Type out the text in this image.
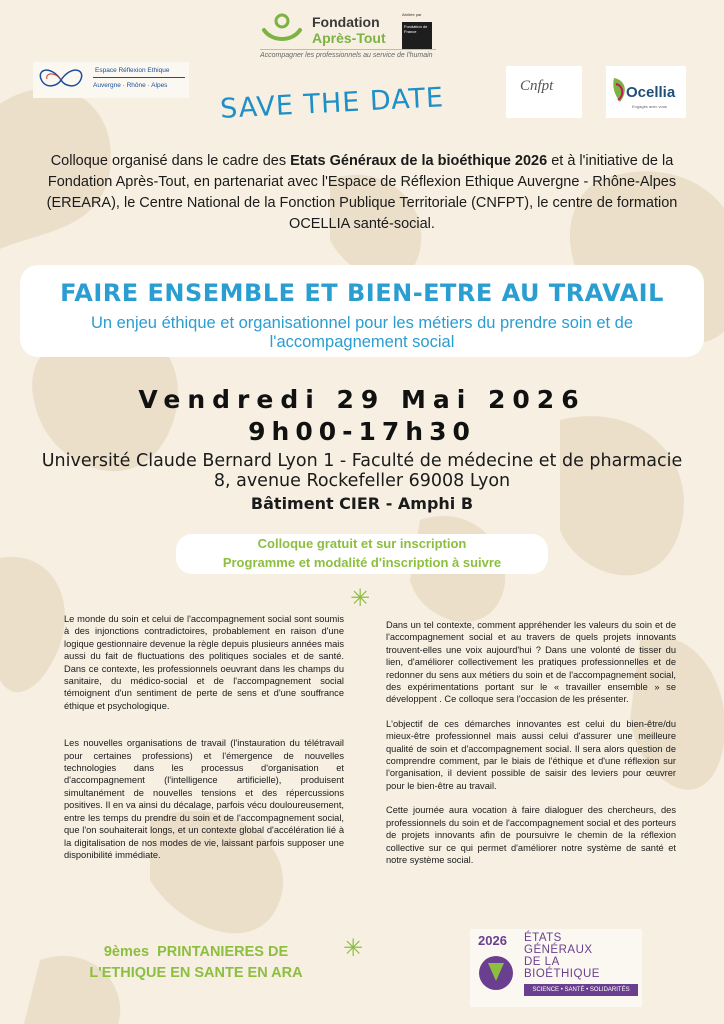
Fondation
Après-Tout
Abritée par
Fondation de France
Accompagner les professionnels au service de l'humain
Espace Réflexion Ethique
Auvergne · Rhône · Alpes	Cnfpt	Ocellia
Engagés avec vous
SAVE THE DATE
Colloque organisé dans le cadre des Etats Généraux de la bioéthique 2026 et à l'initiative de la Fondation Après-Tout, en partenariat avec l'Espace de Réflexion Ethique Auvergne - Rhône-Alpes (EREARA), le Centre National de la Fonction Publique Territoriale (CNFPT), le centre de formation OCELLIA santé-social.
FAIRE ENSEMBLE ET BIEN-ETRE AU TRAVAIL
Un enjeu éthique et organisationnel pour les métiers du prendre soin et de l'accompagnement social
Vendredi 29 Mai 2026
9h00-17h30
Université Claude Bernard Lyon 1 - Faculté de médecine et de pharmacie
8, avenue Rockefeller 69008 Lyon
Bâtiment CIER - Amphi B
Colloque gratuit et sur inscription
Programme et modalité d'inscription à suivre
✳

Le monde du soin et celui de l'accompagnement social sont soumis à des injonctions contradictoires, probablement en raison d'une logique gestionnaire devenue la règle depuis plusieurs années mais aussi du fait de fluctuations des politiques sociales et de santé. Dans ce contexte, les professionnels oeuvrant dans les champs du sanitaire, du médico-social et de l'accompagnement social témoignent d'un sentiment de perte de sens et d'une souffrance éthique et psychologique.

Les nouvelles organisations de travail (l'instauration du télétravail pour certaines professions) et l'émergence de nouvelles technologies dans les processus d'organisation et d'accompagnement (l'intelligence artificielle), produisent simultanément de nouvelles tensions et des répercussions positives. Il en va ainsi du décalage, parfois vécu douloureusement, entre les temps du prendre du soin et de l'accompagnement social, que l'on souhaiterait longs, et un contexte global d'accélération lié à la digitalisation de nos modes de vie, laissant parfois supposer une disponibilité immédiate.

Dans un tel contexte, comment appréhender les valeurs du soin et de l'accompagnement social et au travers de quels projets innovants trouvent-elles une voix aujourd'hui ? Dans une volonté de tisser du lien, d'améliorer collectivement les pratiques professionnelles et de redonner du sens aux métiers du soin et de l'accompagnement social, des expérimentations portant sur le « travailler ensemble » se développent . Ce colloque sera l'occasion de les présenter.

L'objectif de ces démarches innovantes est celui du bien-être/du mieux-être professionnel mais aussi celui d'assurer une meilleure qualité de soin et d'accompagnement social. Il sera alors question de comprendre comment, par le biais de l'éthique et d'une réflexion sur l'organisation, il devient possible de saisir des leviers pour œuvrer pour le bien-être au travail.

Cette journée aura vocation à faire dialoguer des chercheurs, des professionnels du soin et de l'accompagnement social et des porteurs de projets innovants afin de poursuivre le chemin de la réflexion collective sur ce qui permet d'améliorer notre système de santé et notre système social.

9èmes  PRINTANIERES DE
L'ETHIQUE EN SANTE EN ARA
✳	2026 ÉTATS
GÉNÉRAUX
DE LA
BIOÉTHIQUE
SCIENCE • SANTÉ • SOLIDARITÉS
